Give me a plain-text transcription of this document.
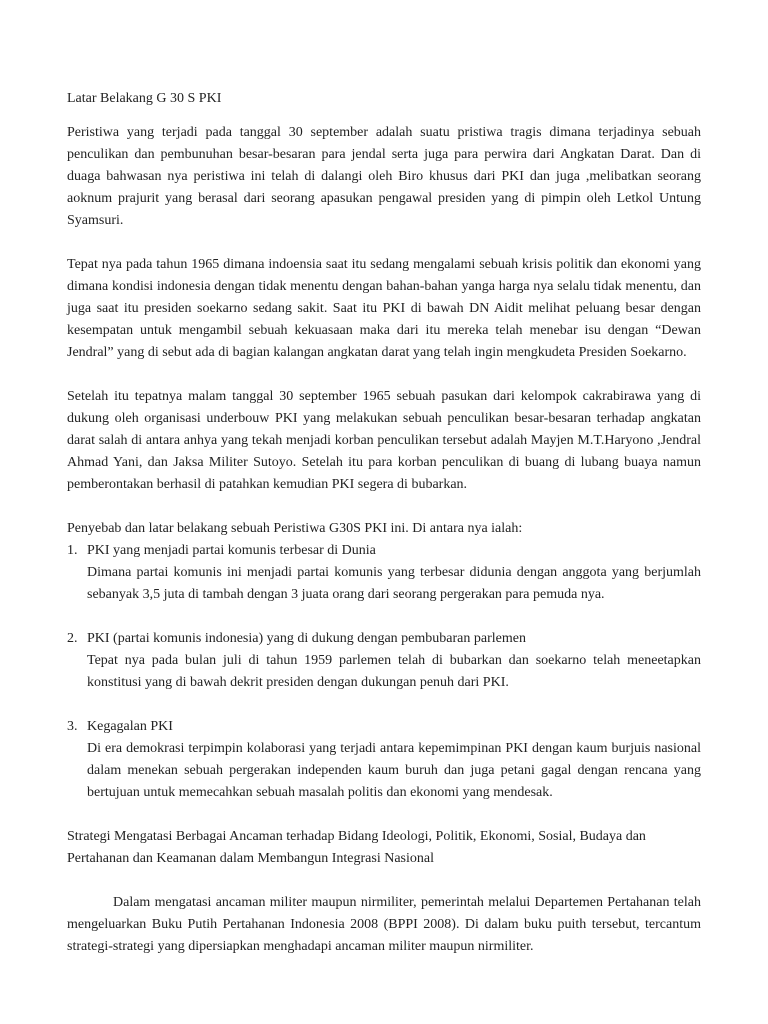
Latar Belakang G 30 S PKI

Peristiwa yang terjadi pada tanggal 30 september adalah suatu pristiwa tragis dimana terjadinya sebuah penculikan dan pembunuhan besar-besaran para jendal serta juga para perwira dari Angkatan Darat. Dan di duaga bahwasan nya peristiwa ini telah di dalangi oleh Biro khusus dari PKI dan juga ,melibatkan seorang aoknum prajurit yang berasal dari seorang apasukan pengawal presiden yang di pimpin oleh Letkol Untung Syamsuri.

Tepat nya pada tahun 1965 dimana indoensia saat itu sedang mengalami sebuah krisis politik dan ekonomi yang dimana kondisi indonesia dengan tidak menentu dengan bahan-bahan yanga harga nya selalu tidak menentu, dan juga saat itu presiden soekarno sedang sakit. Saat itu PKI di bawah DN Aidit melihat peluang besar dengan kesempatan untuk mengambil sebuah kekuasaan maka dari itu mereka telah menebar isu dengan “Dewan Jendral” yang di sebut ada di bagian kalangan angkatan darat yang telah ingin mengkudeta Presiden Soekarno.

Setelah itu tepatnya malam tanggal 30 september 1965 sebuah pasukan dari kelompok cakrabirawa yang di dukung oleh organisasi underbouw PKI yang melakukan sebuah penculikan besar-besaran terhadap angkatan darat salah di antara anhya yang tekah menjadi korban penculikan tersebut adalah Mayjen M.T.Haryono ,Jendral Ahmad Yani, dan Jaksa Militer Sutoyo. Setelah itu para korban penculikan di buang di lubang buaya namun pemberontakan berhasil di patahkan kemudian PKI segera di bubarkan.

Penyebab dan latar belakang sebuah Peristiwa G30S PKI ini. Di antara nya ialah:

1. PKI yang menjadi partai komunis terbesar di Dunia
Dimana partai komunis ini menjadi partai komunis yang terbesar didunia dengan anggota yang berjumlah sebanyak 3,5 juta di tambah dengan 3 juata orang dari seorang pergerakan para pemuda nya.
2. PKI (partai komunis indonesia) yang di dukung dengan pembubaran parlemen
Tepat nya pada bulan juli di tahun 1959 parlemen telah di bubarkan dan soekarno telah meneetapkan konstitusi yang di bawah dekrit presiden dengan dukungan penuh dari PKI.
3. Kegagalan PKI
Di era demokrasi terpimpin kolaborasi yang terjadi antara kepemimpinan PKI dengan kaum burjuis nasional dalam menekan sebuah pergerakan independen kaum buruh dan juga petani gagal dengan rencana yang bertujuan untuk memecahkan sebuah masalah politis dan ekonomi yang mendesak.

Strategi Mengatasi Berbagai Ancaman terhadap Bidang Ideologi, Politik, Ekonomi, Sosial, Budaya dan Pertahanan dan Keamanan dalam Membangun Integrasi Nasional

Dalam mengatasi ancaman militer maupun nirmiliter, pemerintah melalui Departemen Pertahanan telah mengeluarkan Buku Putih Pertahanan Indonesia 2008 (BPPI 2008). Di dalam buku puith tersebut, tercantum strategi-strategi yang dipersiapkan menghadapi ancaman militer maupun nirmiliter.
